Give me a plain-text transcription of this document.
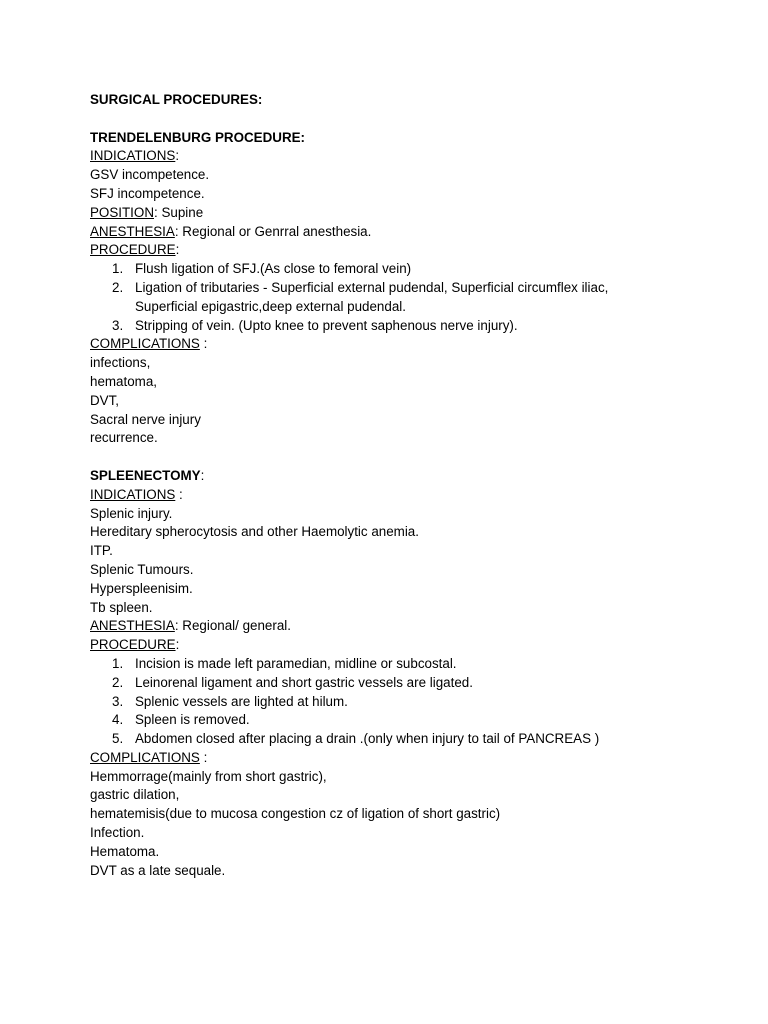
SURGICAL PROCEDURES:
TRENDELENBURG PROCEDURE:
INDICATIONS:
GSV incompetence.
SFJ incompetence.
POSITION: Supine
ANESTHESIA: Regional or Genrral anesthesia.
PROCEDURE:
1. Flush ligation of SFJ.(As close to femoral vein)
2. Ligation of tributaries - Superficial external pudendal, Superficial circumflex iliac,
Superficial epigastric,deep external pudendal.
3. Stripping of vein. (Upto knee to prevent saphenous nerve injury).
COMPLICATIONS :
infections,
hematoma,
DVT,
Sacral nerve injury
recurrence.
SPLEENECTOMY:
INDICATIONS :
Splenic injury.
Hereditary spherocytosis and other Haemolytic anemia.
ITP.
Splenic Tumours.
Hyperspleenisim.
Tb spleen.
ANESTHESIA: Regional/ general.
PROCEDURE:
1. Incision is made left paramedian, midline or subcostal.
2. Leinorenal ligament and short gastric vessels are ligated.
3. Splenic vessels are lighted at hilum.
4. Spleen is removed.
5. Abdomen closed after placing a drain .(only when injury to tail of PANCREAS )
COMPLICATIONS :
Hemmorrage(mainly from short gastric),
gastric dilation,
hematemisis(due to mucosa congestion cz of ligation of short gastric)
Infection.
Hematoma.
DVT as a late sequale.
